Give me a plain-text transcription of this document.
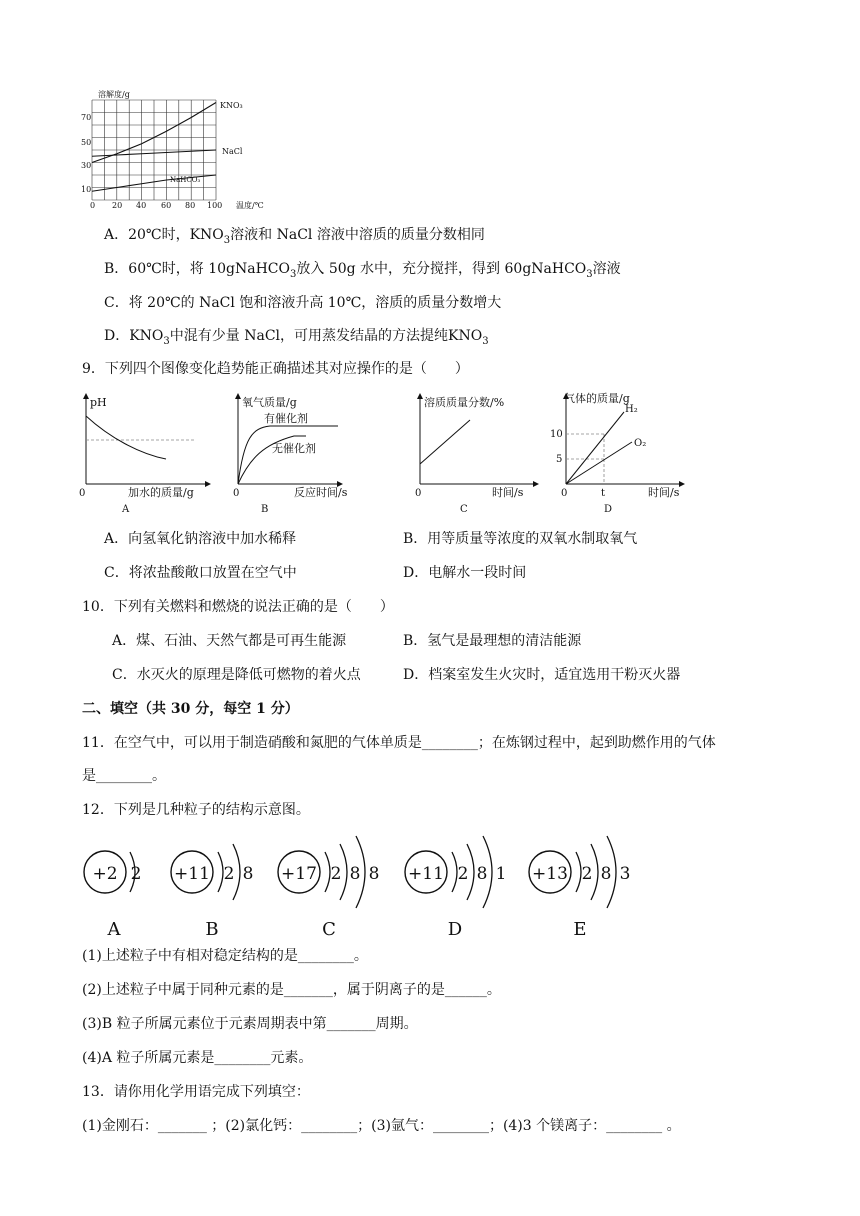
溶解度/g
温度/℃
70
50
30
10
0 20 40 60 80 100
KNO₃
NaCl
NaHCO₃
A．20℃时，$KNO_3$溶液和 NaCl 溶液中溶质的质量分数相同
B．60℃时，将 10gNaHCO$_3$放入 50g 水中，充分搅拌，得到 60gNaHCO$_3$溶液
C．将 20℃的 NaCl 饱和溶液升高 10℃，溶质的质量分数增大
D．$KNO_3$中混有少量 NaCl，可用蒸发结晶的方法提纯$KNO_3$
9．下列四个图像变化趋势能正确描述其对应操作的是（　　）
pH
0	加水的质量/g
A
氧气质量/g
有催化剂
无催化剂
0	反应时间/s
B
溶质质量分数/%
0	时间/s
C
气体的质量/g
H₂
O₂
10
5
0	t	时间/s
D
A．向氢氧化钠溶液中加水稀释	B．用等质量等浓度的双氧水制取氧气
C．将浓盐酸敞口放置在空气中	D．电解水一段时间
10．下列有关燃料和燃烧的说法正确的是（　　）
A．煤、石油、天然气都是可再生能源	B．氢气是最理想的清洁能源
C．水灭火的原理是降低可燃物的着火点	D．档案室发生火灾时，适宜选用干粉灭火器
二、填空（共 30 分，每空 1 分）
11．在空气中，可以用于制造硝酸和氮肥的气体单质是________；在炼钢过程中，起到助燃作用的气体
是________。
12．下列是几种粒子的结构示意图。
+2 2
A
+11 2 8
B
+17 2 8 8
C
+11 2 8 1
D
+13 2 8 3
E
(1)上述粒子中有相对稳定结构的是________。
(2)上述粒子中属于同种元素的是_______，属于阴离子的是______。
(3)B 粒子所属元素位于元素周期表中第_______周期。
(4)A 粒子所属元素是________元素。
13．请你用化学用语完成下列填空：
(1)金刚石：_______ ；(2)氯化钙：________；(3)氩气：________；(4)3 个镁离子：________ 。
